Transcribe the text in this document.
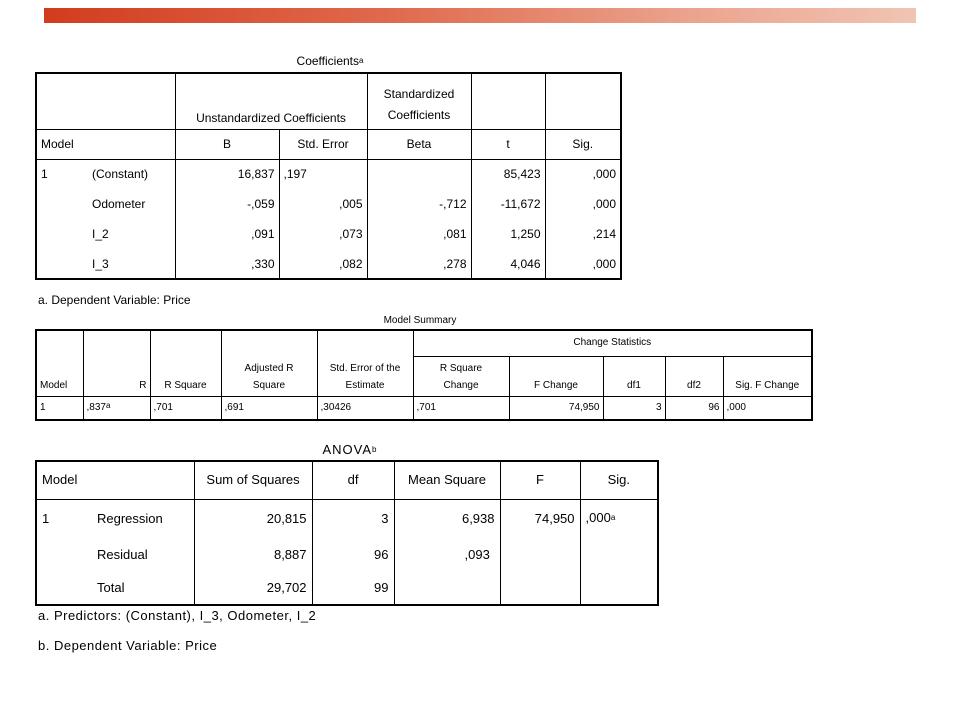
Coefficients$^a$
		Unstandardized Coefficients		Standardized		
				Coefficients		
Model		B	Std. Error	Beta	t	Sig.
1	(Constant)	16,837	,197		85,423	,000
	Odometer	-,059	,005	-,712	-11,672	,000
	I_2	,091	,073	,081	1,250	,214
	I_3	,330	,082	,278	4,046	,000
a. Dependent Variable: Price
Model Summary
			Adjusted R	Std. Error of the	Change Statistics				
					R Square				
Model	R	R Square	Square	Estimate	Change	F Change	df1	df2	Sig. F Change
1	,837$^a$	,701	,691	,30426	,701	74,950	3	96	,000
ANOVA$^b$
Model		Sum of Squares	df	Mean Square	F	Sig.
1	Regression	20,815	3	6,938	74,950	,000$^a$
	Residual	8,887	96	,093		
	Total	29,702	99			
a. Predictors: (Constant), I_3, Odometer, I_2
b. Dependent Variable: Price
